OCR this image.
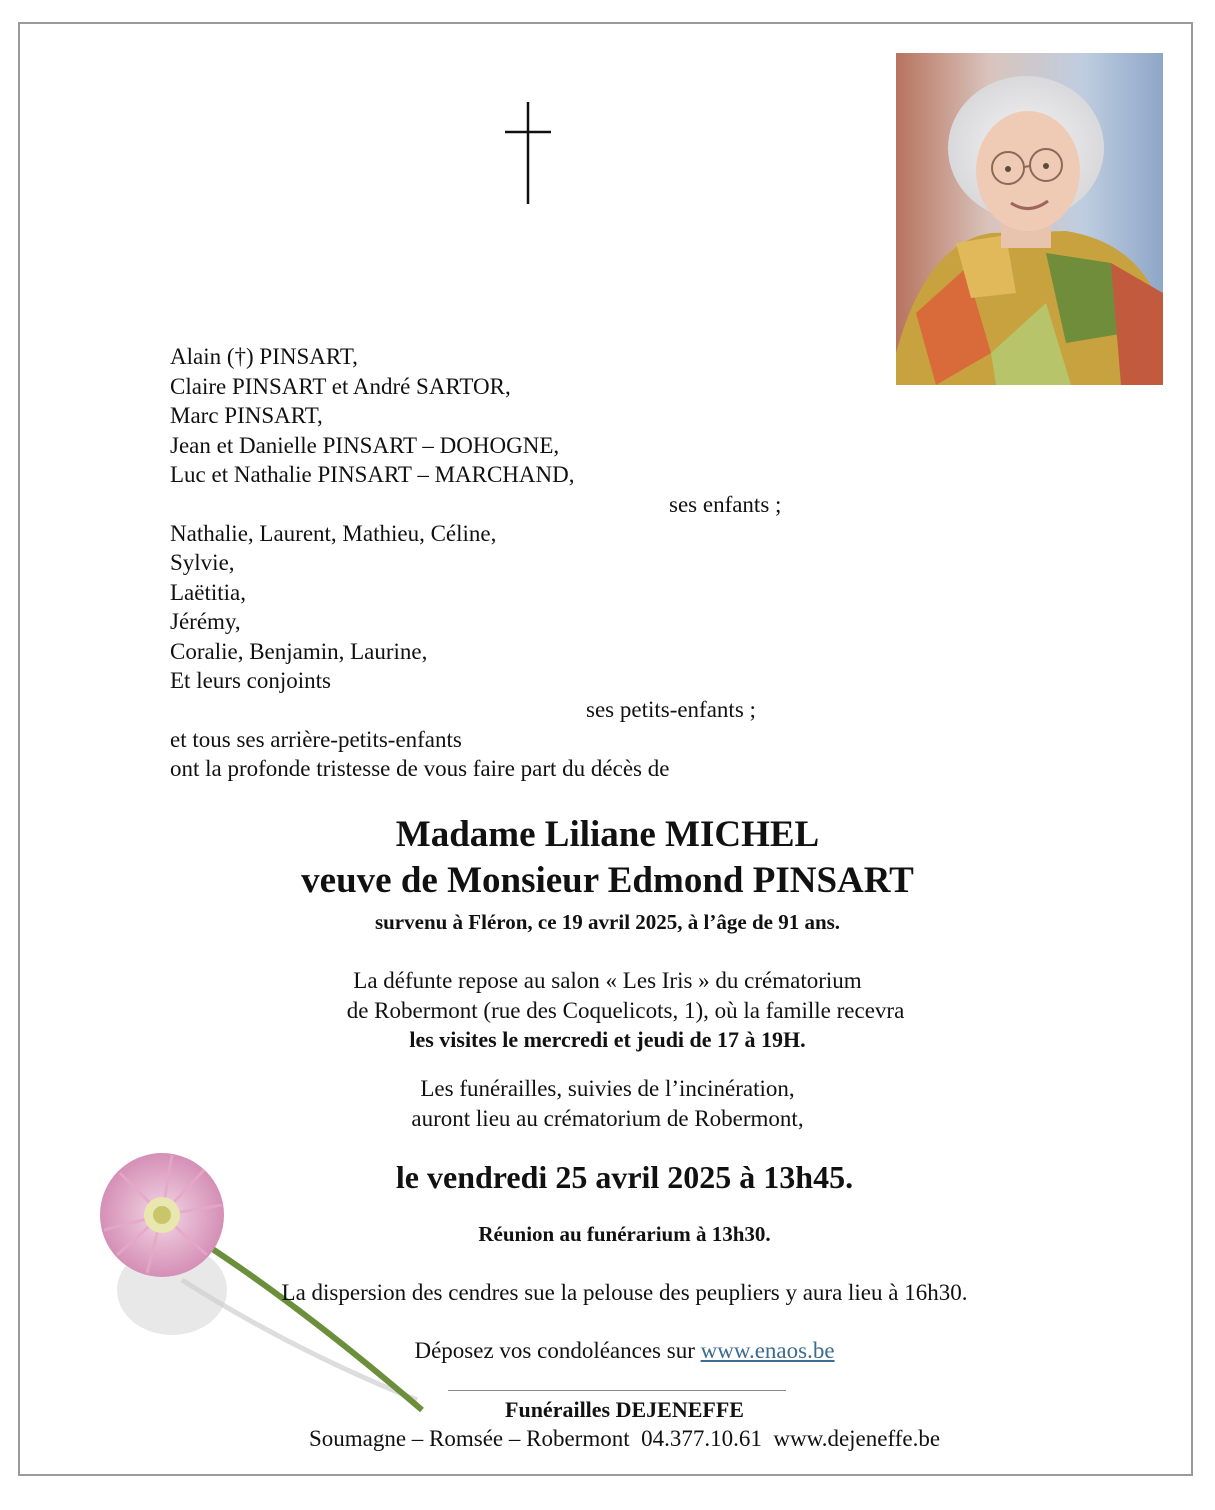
Alain (†) PINSART,
Claire PINSART et André SARTOR,
Marc PINSART,
Jean et Danielle PINSART – DOHOGNE,
Luc et Nathalie PINSART – MARCHAND,
ses enfants ;
Nathalie, Laurent, Mathieu, Céline,
Sylvie,
Laëtitia,
Jérémy,
Coralie, Benjamin, Laurine,
Et leurs conjoints
ses petits-enfants ;
et tous ses arrière-petits-enfants
ont la profonde tristesse de vous faire part du décès de
Madame Liliane MICHEL
veuve de Monsieur Edmond PINSART
survenu à Fléron, ce 19 avril 2025, à l’âge de 91 ans.
La défunte repose au salon « Les Iris » du crématorium
de Robermont (rue des Coquelicots, 1), où la famille recevra
les visites le mercredi et jeudi de 17 à 19H.
Les funérailles, suivies de l’incinération,
auront lieu au crématorium de Robermont,
le vendredi 25 avril 2025 à 13h45.
Réunion au funérarium à 13h30.
La dispersion des cendres sue la pelouse des peupliers y aura lieu à 16h30.
Déposez vos condoléances sur www.enaos.be
Funérailles DEJENEFFE
Soumagne – Romsée – Robermont  04.377.10.61  www.dejeneffe.be
